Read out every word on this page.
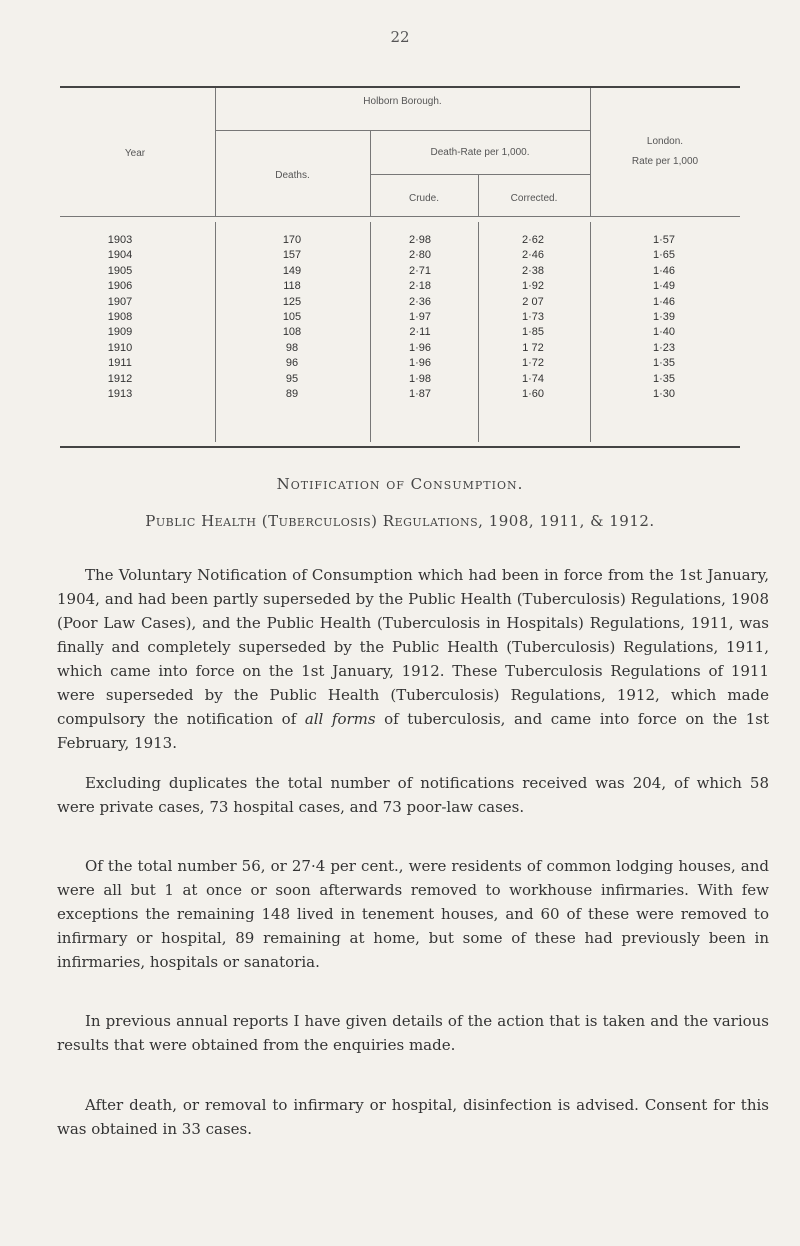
22
Year
Holborn Borough.
Deaths.
Death-Rate per 1,000.
Crude.	Corrected.
London.
Rate per 1,000
1903	170	2·98	2·62	1·57
1904	157	2·80	2·46	1·65
1905	149	2·71	2·38	1·46
1906	118	2·18	1·92	1·49
1907	125	2·36	2 07	1·46
1908	105	1·97	1·73	1·39
1909	108	2·11	1·85	1·40
1910	98	1·96	1 72	1·23
1911	96	1·96	1·72	1·35
1912	95	1·98	1·74	1·35
1913	89	1·87	1·60	1·30
Notification of Consumption.
Public Health (Tuberculosis) Regulations, 1908, 1911, & 1912.
The Voluntary Notification of Consumption which had been in force from the 1st January, 1904, and had been partly superseded by the Public Health (Tuberculosis) Regulations, 1908 (Poor Law Cases), and the Public Health (Tuberculosis in Hospitals) Regulations, 1911, was finally and completely superseded by the Public Health (Tuberculosis) Regulations, 1911, which came into force on the 1st January, 1912. These Tuberculosis Regulations of 1911 were superseded by the Public Health (Tuberculosis) Regulations, 1912, which made compulsory the notification of all forms of tuberculosis, and came into force on the 1st February, 1913.
Excluding duplicates the total number of notifications received was 204, of which 58 were private cases, 73 hospital cases, and 73 poor-law cases.
Of the total number 56, or 27·4 per cent., were residents of common lodging houses, and were all but 1 at once or soon afterwards removed to workhouse infirmaries. With few exceptions the remaining 148 lived in tenement houses, and 60 of these were removed to infirmary or hospital, 89 remaining at home, but some of these had previously been in infirmaries, hospitals or sanatoria.
In previous annual reports I have given details of the action that is taken and the various results that were obtained from the enquiries made.
After death, or removal to infirmary or hospital, disinfection is advised. Consent for this was obtained in 33 cases.
